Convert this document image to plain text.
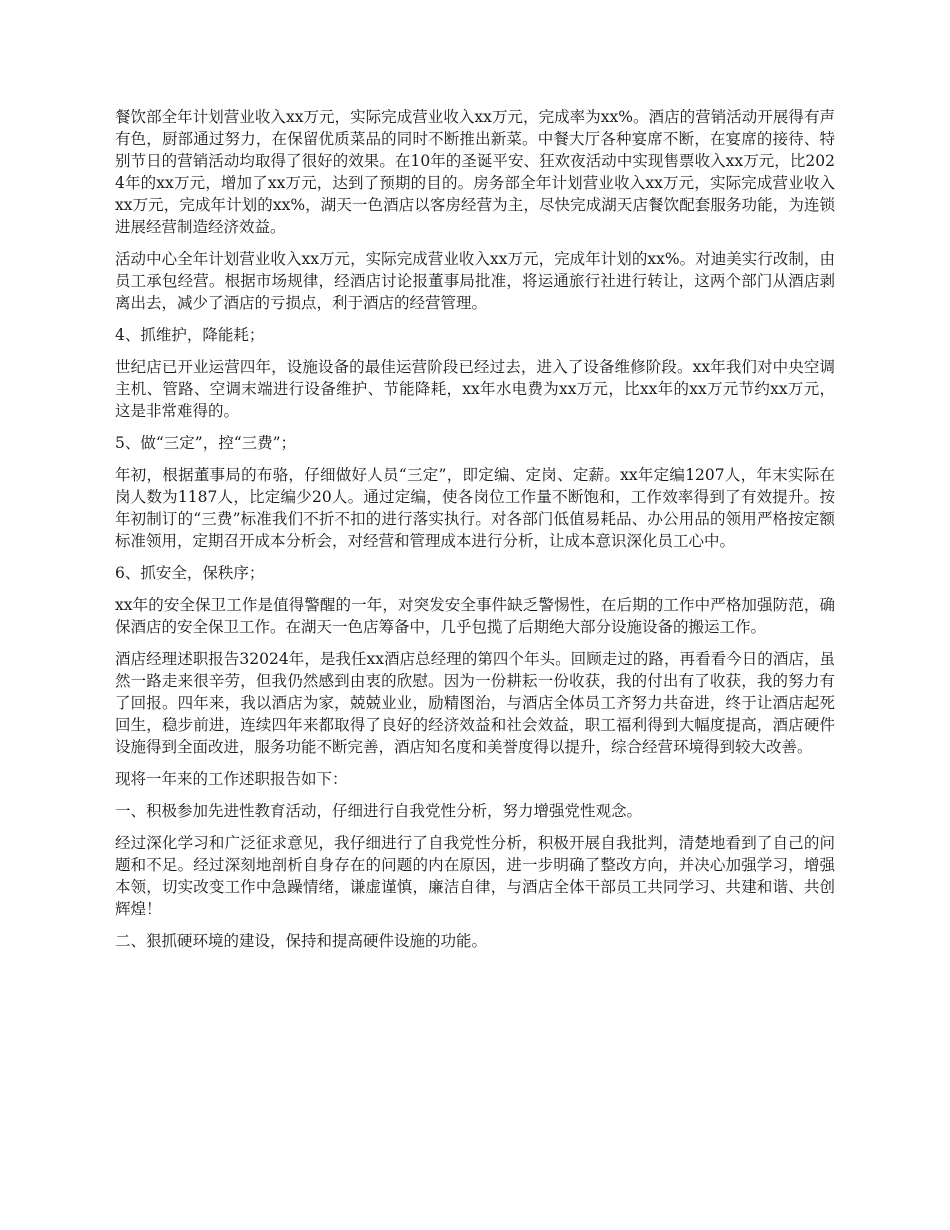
餐饮部全年计划营业收入xx万元，实际完成营业收入xx万元，完成率为xx%。酒店的营销活动开展得有声有色，厨部通过努力，在保留优质菜品的同时不断推出新菜。中餐大厅各种宴席不断，在宴席的接待、特别节日的营销活动均取得了很好的效果。在10年的圣诞平安、狂欢夜活动中实现售票收入xx万元，比2024年的xx万元，增加了xx万元，达到了预期的目的。房务部全年计划营业收入xx万元，实际完成营业收入xx万元，完成年计划的xx%，湖天一色酒店以客房经营为主，尽快完成湖天店餐饮配套服务功能，为连锁进展经营制造经济效益。

活动中心全年计划营业收入xx万元，实际完成营业收入xx万元，完成年计划的xx%。对迪美实行改制，由员工承包经营。根据市场规律，经酒店讨论报董事局批准，将运通旅行社进行转让，这两个部门从酒店剥离出去，减少了酒店的亏损点，利于酒店的经营管理。

4、抓维护，降能耗；

世纪店已开业运营四年，设施设备的最佳运营阶段已经过去，进入了设备维修阶段。xx年我们对中央空调主机、管路、空调末端进行设备维护、节能降耗，xx年水电费为xx万元，比xx年的xx万元节约xx万元，这是非常难得的。

5、做“三定”，控“三费”；

年初，根据董事局的布骆，仔细做好人员“三定”，即定编、定岗、定薪。xx年定编1207人，年末实际在岗人数为1187人，比定编少20人。通过定编，使各岗位工作量不断饱和，工作效率得到了有效提升。按年初制订的“三费”标准我们不折不扣的进行落实执行。对各部门低值易耗品、办公用品的领用严格按定额标准领用，定期召开成本分析会，对经营和管理成本进行分析，让成本意识深化员工心中。

6、抓安全，保秩序；

xx年的安全保卫工作是值得警醒的一年，对突发安全事件缺乏警惕性，在后期的工作中严格加强防范，确保酒店的安全保卫工作。在湖天一色店筹备中，几乎包揽了后期绝大部分设施设备的搬运工作。

酒店经理述职报告32024年，是我任xx酒店总经理的第四个年头。回顾走过的路，再看看今日的酒店，虽然一路走来很辛劳，但我仍然感到由衷的欣慰。因为一份耕耘一份收获，我的付出有了收获，我的努力有了回报。四年来，我以酒店为家，兢兢业业，励精图治，与酒店全体员工齐努力共奋进，终于让酒店起死回生，稳步前进，连续四年来都取得了良好的经济效益和社会效益，职工福利得到大幅度提高，酒店硬件设施得到全面改进，服务功能不断完善，酒店知名度和美誉度得以提升，综合经营环境得到较大改善。

现将一年来的工作述职报告如下：

一、积极参加先进性教育活动，仔细进行自我党性分析，努力增强党性观念。

经过深化学习和广泛征求意见，我仔细进行了自我党性分析，积极开展自我批判，清楚地看到了自己的问题和不足。经过深刻地剖析自身存在的问题的内在原因，进一步明确了整改方向，并决心加强学习，增强本领，切实改变工作中急躁情绪，谦虚谨慎，廉洁自律，与酒店全体干部员工共同学习、共建和谐、共创辉煌！

二、狠抓硬环境的建设，保持和提高硬件设施的功能。
